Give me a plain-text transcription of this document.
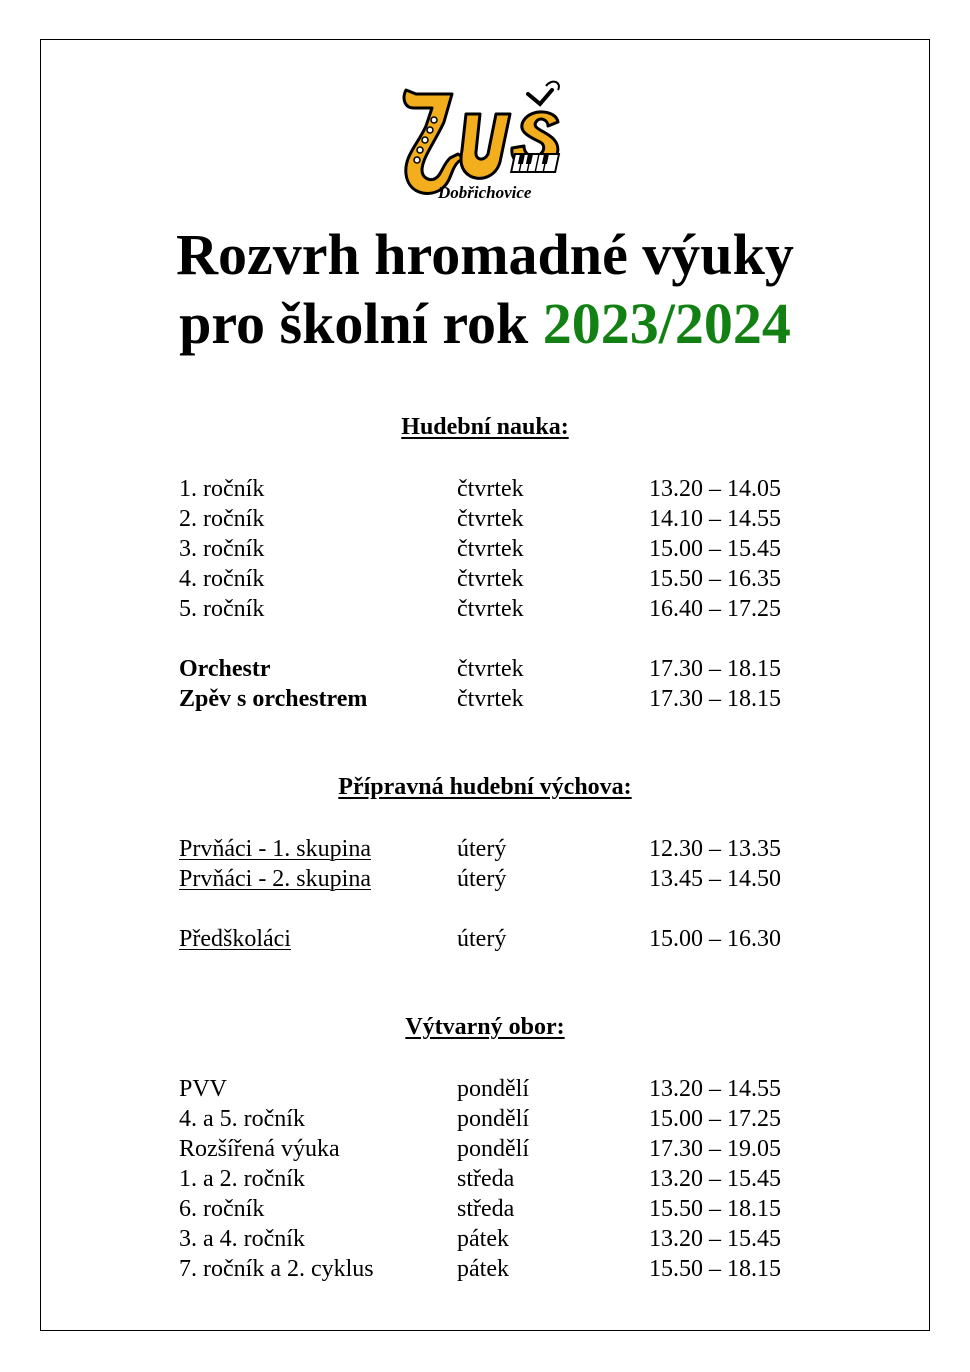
Dobřichovice
Rozvrh hromadné výuky
pro školní rok 2023/2024
Hudební nauka:
1. ročník	čtvrtek	13.20 – 14.05
2. ročník	čtvrtek	14.10 – 14.55
3. ročník	čtvrtek	15.00 – 15.45
4. ročník	čtvrtek	15.50 – 16.35
5. ročník	čtvrtek	16.40 – 17.25
Orchestr	čtvrtek	17.30 – 18.15
Zpěv s orchestrem	čtvrtek	17.30 – 18.15
Přípravná hudební výchova:
Prvňáci - 1. skupina	úterý	12.30 – 13.35
Prvňáci - 2. skupina	úterý	13.45 – 14.50
Předškoláci	úterý	15.00 – 16.30
Výtvarný obor:
PVV	pondělí	13.20 – 14.55
4. a 5. ročník	pondělí	15.00 – 17.25
Rozšířená výuka	pondělí	17.30 – 19.05
1. a 2. ročník	středa	13.20 – 15.45
6. ročník	středa	15.50 – 18.15
3. a 4. ročník	pátek	13.20 – 15.45
7. ročník a 2. cyklus	pátek	15.50 – 18.15
